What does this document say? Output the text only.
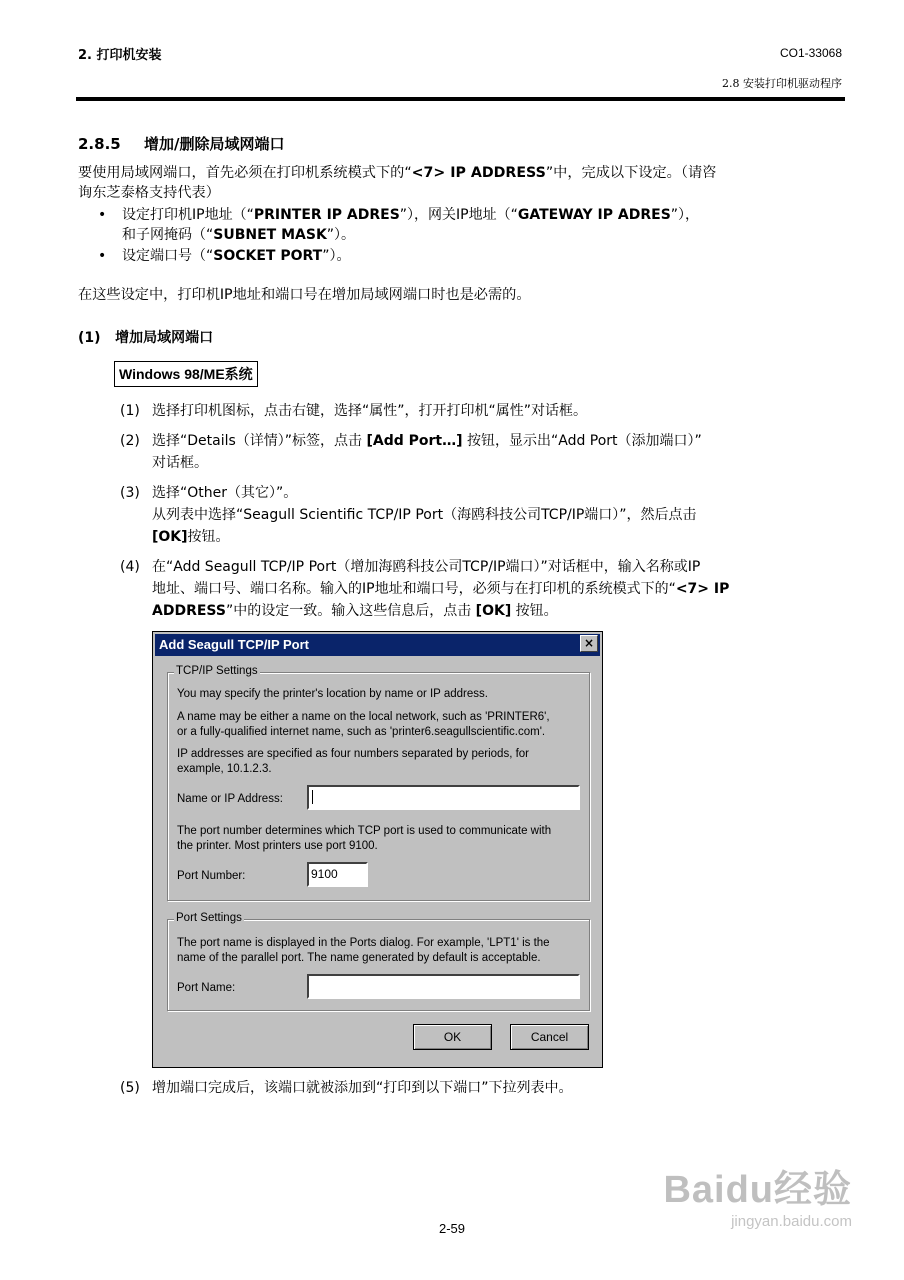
2. 打印机安装	CO1-33068
2.8 安装打印机驱动程序
2.8.5 增加/删除局域网端口
要使用局域网端口，首先必须在打印机系统模式下的“<7> IP ADDRESS”中，完成以下设定。（请咨
询东芝泰格支持代表）
• 设定打印机IP地址（“PRINTER IP ADRES”），网关IP地址（“GATEWAY IP ADRES”），
和子网掩码（“SUBNET MASK”）。
• 设定端口号（“SOCKET PORT”）。
在这些设定中，打印机IP地址和端口号在增加局域网端口时也是必需的。
(1) 增加局域网端口
Windows 98/ME系统
(1) 选择打印机图标，点击右键，选择“属性”，打开打印机“属性”对话框。
(2) 选择“Details（详情）”标签，点击 [Add Port…] 按钮，显示出“Add Port（添加端口）”
对话框。
(3) 选择“Other（其它）”。
从列表中选择“Seagull Scientific TCP/IP Port（海鸥科技公司TCP/IP端口）”，然后点击
[OK]按钮。
(4) 在“Add Seagull TCP/IP Port（增加海鸥科技公司TCP/IP端口）”对话框中，输入名称或IP
地址、端口号、端口名称。输入的IP地址和端口号，必须与在打印机的系统模式下的“<7> IP
ADDRESS”中的设定一致。输入这些信息后，点击 [OK] 按钮。
Add Seagull TCP/IP Port	×
TCP/IP Settings
You may specify the printer's location by name or IP address.
A name may be either a name on the local network, such as 'PRINTER6',
or a fully-qualified internet name, such as 'printer6.seagullscientific.com'.
IP addresses are specified as four numbers separated by periods, for
example, 10.1.2.3.
Name or IP Address:
The port number determines which TCP port is used to communicate with
the printer. Most printers use port 9100.
Port Number:	9100
Port Settings
The port name is displayed in the Ports dialog. For example, 'LPT1' is the
name of the parallel port. The name generated by default is acceptable.
Port Name:
OK	Cancel
(5) 增加端口完成后，该端口就被添加到“打印到以下端口”下拉列表中。
Baidu经验
jingyan.baidu.com
2-59
